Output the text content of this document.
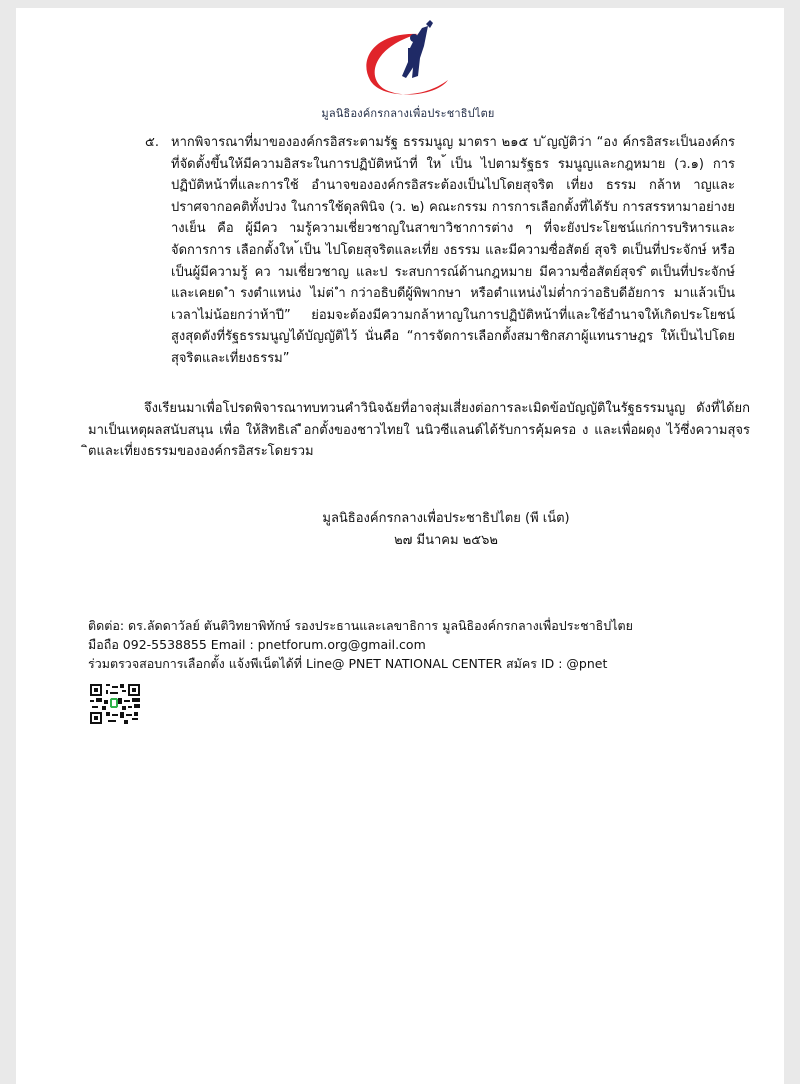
มูลนิธิองค์กรกลางเพื่อประชาธิปไตย
๕. หากพิจารณาที่มาขององค์กรอิสระตามรัฐ ธรรมนูญ มาตรา ๒๑๕ บ ัญญัติว่า “อง ค์กรอิสระเป็นองค์กร ที่จัดตั้งขึ้นให้มีความอิสระในการปฏิบัติหน้าที่ ให ้เป็น ไปตามรัฐธร รมนูญและกฎหมาย (ว.๑) การปฏิบัติหน้าที่และการใช้ อำนาจขององค์กรอิสระต้องเป็นไปโดยสุจริต เที่ยง ธรรม กล้าห าญและปราศจากอคติทั้งปวง ในการใช้ดุลพินิจ (ว. ๒) คณะกรรม การการเลือกตั้งที่ได้รับ การสรรหามาอย่างย างเย็น คือ ผู้มีคว ามรู้ความเชี่ยวชาญในสาขาวิชาการต่าง ๆ ที่จะยังประโยชน์แก่การบริหารและ จัดการการ เลือกตั้งให ้เป็น ไปโดยสุจริตและเที่ย งธรรม และมีความซื่อสัตย์ สุจริ ตเป็นที่ประจักษ์ หรือเป็นผู้มีความรู้ คว ามเชี่ยวชาญ และป ระสบการณ์ด้านกฎหมาย มีความซื่อสัตย์สุจร ิตเป็นที่ประจักษ์และเคยด ำรงตำแหน่ง ไม่ต่ ำกว่าอธิบดีผู้พิพากษา หรือตำแหน่งไม่ต่ำกว่าอธิบดีอัยการ มาแล้วเป็นเวลาไม่น้อยกว่าห้าปี” ย่อมจะต้องมีความกล้าหาญในการปฏิบัติหน้าที่และใช้อำนาจให้เกิดประโยชน์สูงสุดดังที่รัฐธรรมนูญได้บัญญัติไว้ นั่นคือ “การจัดการเลือกตั้งสมาชิกสภาผู้แทนราษฎร ให้เป็นไปโดยสุจริตและเที่ยงธรรม”
จึงเรียนมาเพื่อโปรดพิจารณาทบทวนคำวินิจฉัยที่อาจสุ่มเสี่ยงต่อการละเมิดข้อบัญญัติในรัฐธรรมนูญ ดังที่ได้ยกมาเป็นเหตุผลสนับสนุน เพื่อ ให้สิทธิเล ือกตั้งของชาวไทยใ นนิวซีแลนด์ได้รับการคุ้มครอ ง และเพื่อผดุง ไว้ซึ่งความสุจร ิตและเที่ยงธรรมขององค์กรอิสระโดยรวม
มูลนิธิองค์กรกลางเพื่อประชาธิปไตย (พี เน็ต)
๒๗ มีนาคม ๒๕๖๒
ติดต่อ: ดร.ลัดดาวัลย์ ตันติวิทยาพิทักษ์ รองประธานและเลขาธิการ มูลนิธิองค์กรกลางเพื่อประชาธิปไตย
มือถือ 092-5538855 Email : pnetforum.org@gmail.com
ร่วมตรวจสอบการเลือกตั้ง แจ้งพีเน็ตได้ที่ Line@ PNET NATIONAL CENTER สมัคร ID : @pnet
